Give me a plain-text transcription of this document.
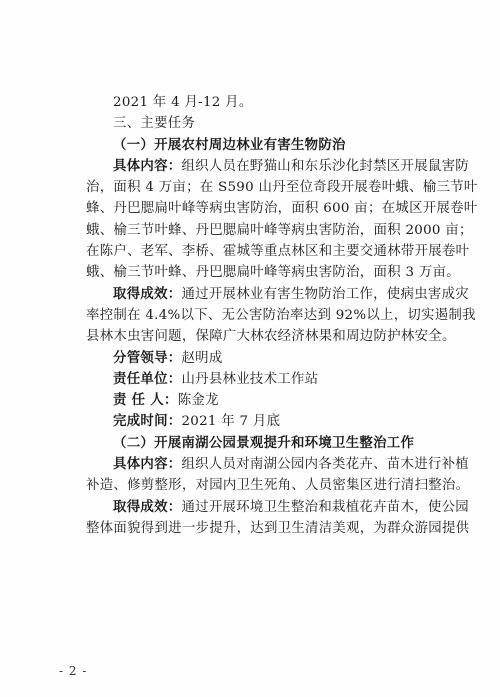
2021 年 4 月-12 月。
三、主要任务
（一）开展农村周边林业有害生物防治
具体内容：组织人员在野猫山和东乐沙化封禁区开展鼠害防
治，面积 4 万亩；在 S590 山丹至位奇段开展卷叶蛾、榆三节叶
蜂、丹巴腮扁叶峰等病虫害防治，面积 600 亩；在城区开展卷叶
蛾、榆三节叶蜂、丹巴腮扁叶峰等病虫害防治，面积 2000 亩；
在陈户、老军、李桥、霍城等重点林区和主要交通林带开展卷叶
蛾、榆三节叶蜂、丹巴腮扁叶峰等病虫害防治，面积 3 万亩。
取得成效：通过开展林业有害生物防治工作，使病虫害成灾
率控制在 4.4%以下、无公害防治率达到 92%以上，切实遏制我
县林木虫害问题，保障广大林农经济林果和周边防护林安全。
分管领导：赵明成
责任单位：山丹县林业技术工作站
责 任 人：陈金龙
完成时间：2021 年 7 月底
（二）开展南湖公园景观提升和环境卫生整治工作
具体内容：组织人员对南湖公园内各类花卉、苗木进行补植
补造、修剪整形，对园内卫生死角、人员密集区进行清扫整治。
取得成效：通过开展环境卫生整治和栽植花卉苗木，使公园
整体面貌得到进一步提升，达到卫生清洁美观，为群众游园提供
- 2 -
